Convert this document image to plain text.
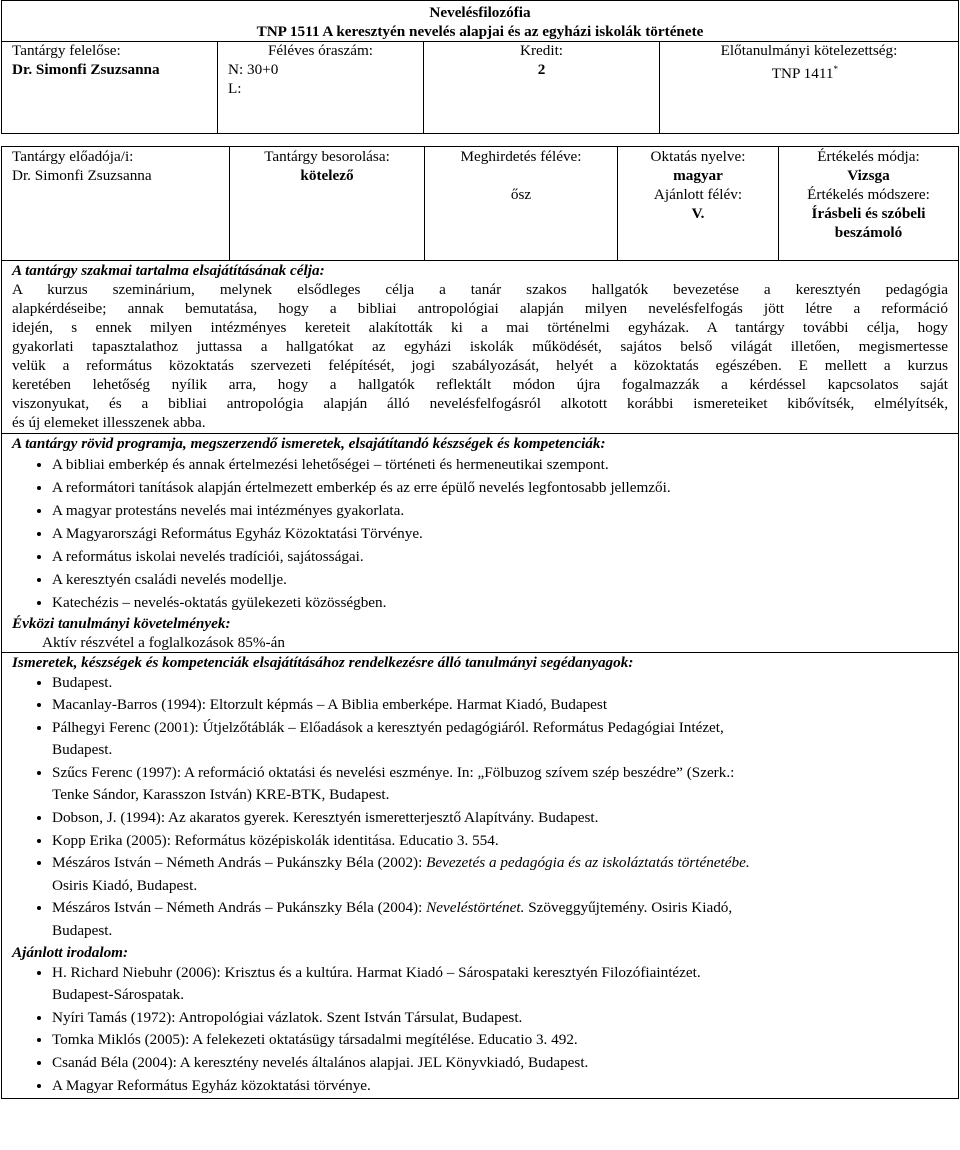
Nevelésfilozófia
TNP 1511 A keresztyén nevelés alapjai és az egyházi iskolák története
Tantárgy felelőse:
Dr. Simonfi Zsuzsanna

Féléves óraszám:
N: 30+0
L:

Kredit:
2

Előtanulmányi kötelezettség:
TNP 1411*
Tantárgy előadója/i:
Dr. Simonfi Zsuzsanna

Tantárgy besorolása:
kötelező

Meghirdetés féléve:
ősz

Oktatás nyelve:
magyar
Ajánlott félév:
V.

Értékelés módja:
Vizsga
Értékelés módszere:
Írásbeli és szóbeli
beszámoló
A tantárgy szakmai tartalma elsajátításának célja:
A kurzus szeminárium, melynek elsődleges célja a tanár szakos hallgatók bevezetése a keresztyén pedagógia
alapkérdéseibe; annak bemutatása, hogy a bibliai antropológiai alapján milyen nevelésfelfogás jött létre a reformáció
idején, s ennek milyen intézményes kereteit alakították ki a mai történelmi egyházak. A tantárgy további célja, hogy
gyakorlati tapasztalathoz juttassa a hallgatókat az egyházi iskolák működését, sajátos belső világát illetően, megismertesse
velük a református közoktatás szervezeti felépítését, jogi szabályozását, helyét a közoktatás egészében. E mellett a kurzus
keretében lehetőség nyílik arra, hogy a hallgatók reflektált módon újra fogalmazzák a kérdéssel kapcsolatos saját
viszonyukat, és a bibliai antropológia alapján álló nevelésfelfogásról alkotott korábbi ismereteiket kibővítsék, elmélyítsék,
és új elemeket illesszenek abba.
A tantárgy rövid programja, megszerzendő ismeretek, elsajátítandó készségek és kompetenciák:
• A bibliai emberkép és annak értelmezési lehetőségei – történeti és hermeneutikai szempont.
• A reformátori tanítások alapján értelmezett emberkép és az erre épülő nevelés legfontosabb jellemzői.
• A magyar protestáns nevelés mai intézményes gyakorlata.
• A Magyarországi Református Egyház Közoktatási Törvénye.
• A református iskolai nevelés tradíciói, sajátosságai.
• A keresztyén családi nevelés modellje.
• Katechézis – nevelés-oktatás gyülekezeti közösségben.
Évközi tanulmányi követelmények:
Aktív részvétel a foglalkozások 85%-án
Ismeretek, készségek és kompetenciák elsajátításához rendelkezésre álló tanulmányi segédanyagok:
• Budapest.
• Macanlay-Barros (1994): Eltorzult képmás – A Biblia emberképe. Harmat Kiadó, Budapest
• Pálhegyi Ferenc (2001): Útjelzőtáblák – Előadások a keresztyén pedagógiáról. Református Pedagógiai Intézet,
Budapest.
• Szűcs Ferenc (1997): A reformáció oktatási és nevelési eszménye. In: „Fölbuzog szívem szép beszédre” (Szerk.:
Tenke Sándor, Karasszon István) KRE-BTK, Budapest.
• Dobson, J. (1994): Az akaratos gyerek. Keresztyén ismeretterjesztő Alapítvány. Budapest.
• Kopp Erika (2005): Református középiskolák identitása. Educatio 3. 554.
• Mészáros István – Németh András – Pukánszky Béla (2002): Bevezetés a pedagógia és az iskoláztatás történetébe.
Osiris Kiadó, Budapest.
• Mészáros István – Németh András – Pukánszky Béla (2004): Neveléstörténet. Szöveggyűjtemény. Osiris Kiadó,
Budapest.
Ajánlott irodalom:
• H. Richard Niebuhr (2006): Krisztus és a kultúra. Harmat Kiadó – Sárospataki keresztyén Filozófiaintézet.
Budapest-Sárospatak.
• Nyíri Tamás (1972): Antropológiai vázlatok. Szent István Társulat, Budapest.
• Tomka Miklós (2005): A felekezeti oktatásügy társadalmi megítélése. Educatio 3. 492.
• Csanád Béla (2004): A keresztény nevelés általános alapjai. JEL Könyvkiadó, Budapest.
• A Magyar Református Egyház közoktatási törvénye.
